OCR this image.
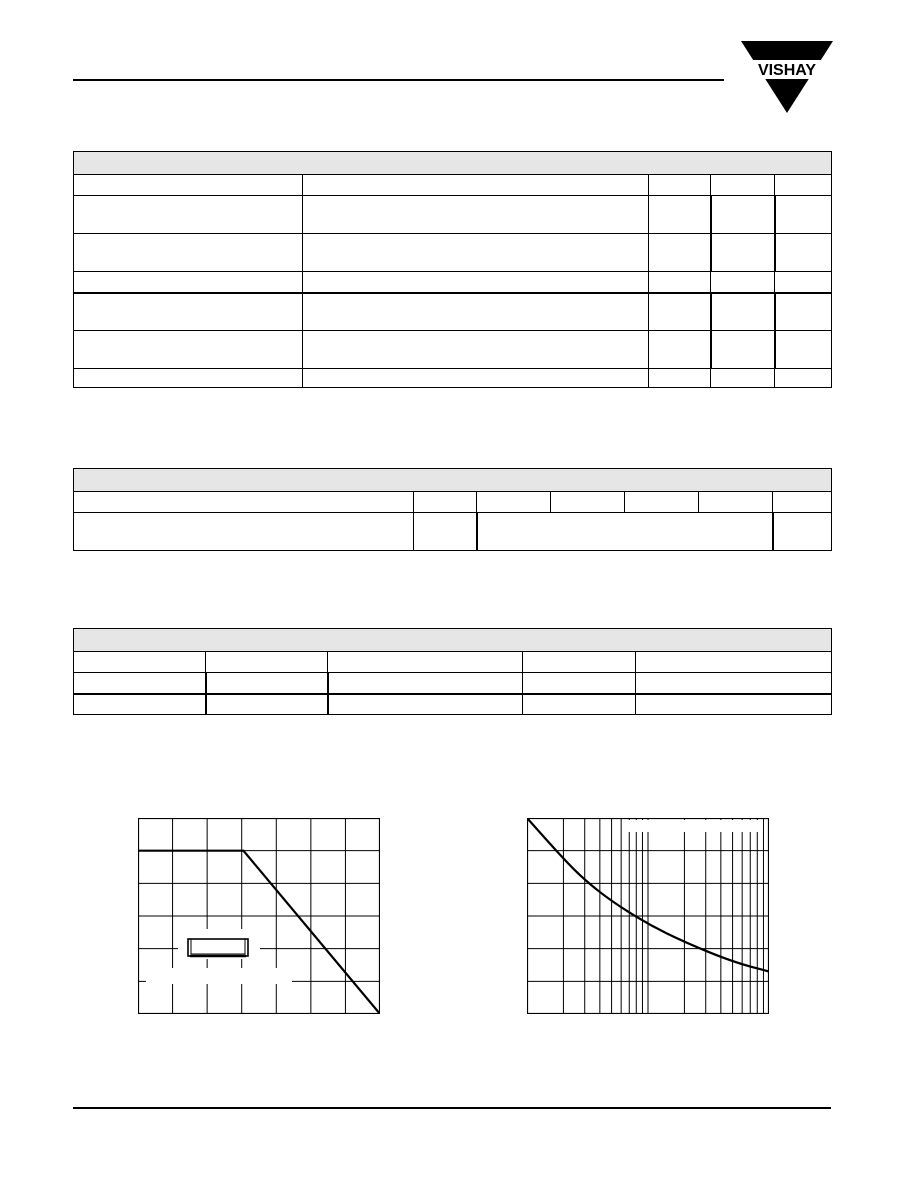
VISHAY
